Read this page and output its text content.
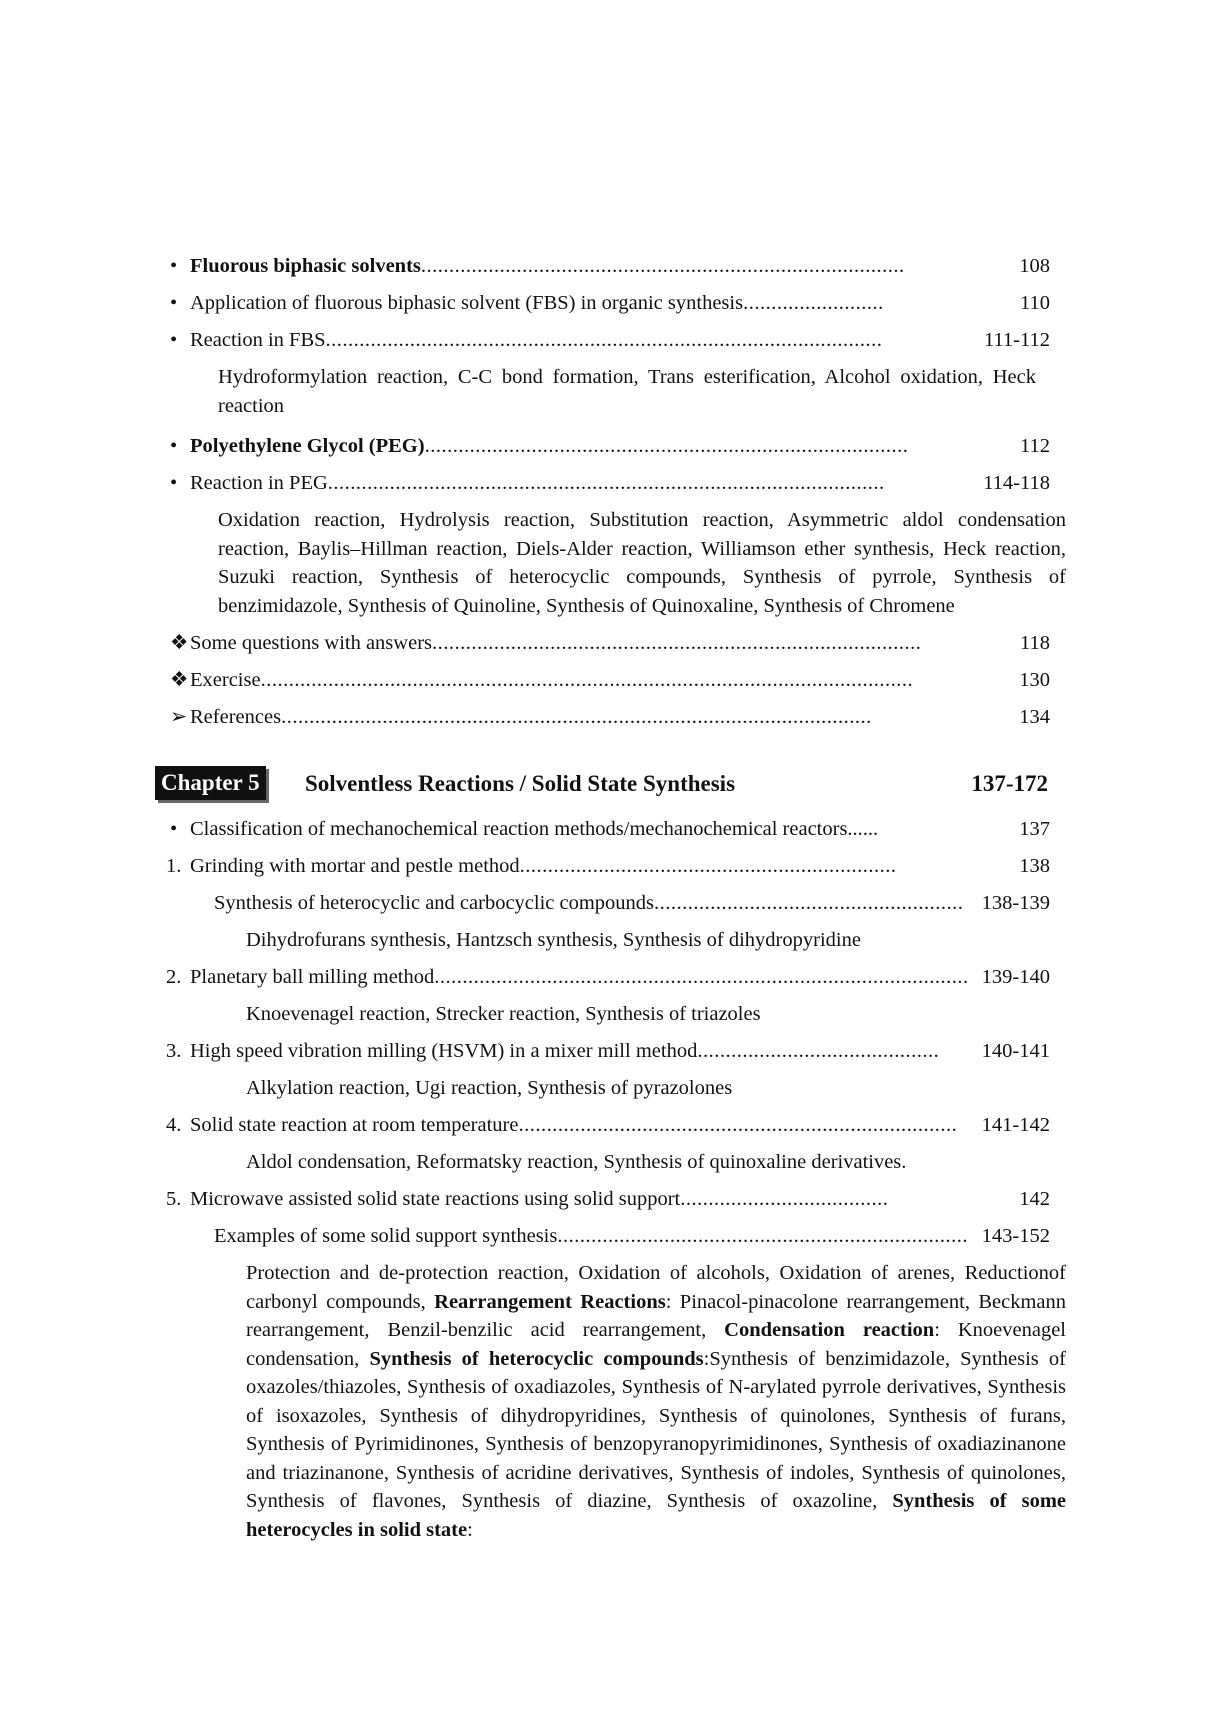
• Fluorous biphasic solvents ......................................................................................	108
• Application of fluorous biphasic solvent (FBS) in organic synthesis .........................	110
• Reaction in FBS ...................................................................................................	111-112
Hydroformylation reaction, C-C bond formation, Trans esterification, Alcohol oxidation, Heck reaction
• Polyethylene Glycol (PEG) ......................................................................................	112
• Reaction in PEG ...................................................................................................	114-118
Oxidation reaction, Hydrolysis reaction, Substitution reaction, Asymmetric aldol condensation reaction, Baylis–Hillman reaction, Diels-Alder reaction, Williamson ether synthesis, Heck reaction, Suzuki reaction, Synthesis of heterocyclic compounds, Synthesis of pyrrole, Synthesis of benzimidazole, Synthesis of Quinoline, Synthesis of Quinoxaline, Synthesis of Chromene
❖ Some questions with answers .......................................................................................	118
❖ Exercise ....................................................................................................................	130
➢ References .........................................................................................................	134
Chapter 5 Solventless Reactions / Solid State Synthesis	137-172
• Classification of mechanochemical reaction methods/mechanochemical reactors......	137
1. Grinding with mortar and pestle method ...................................................................	138
Synthesis of heterocyclic and carbocyclic compounds ....................................................... 138-139
Dihydrofurans synthesis, Hantzsch synthesis, Synthesis of dihydropyridine
2. Planetary ball milling method ............................................................................................... 139-140
Knoevenagel reaction, Strecker reaction, Synthesis of triazoles
3. High speed vibration milling (HSVM) in a mixer mill method ........................................... 140-141
Alkylation reaction, Ugi reaction, Synthesis of pyrazolones
4. Solid state reaction at room temperature .............................................................................. 141-142
Aldol condensation, Reformatsky reaction, Synthesis of quinoxaline derivatives.
5. Microwave assisted solid state reactions using solid support .....................................	142
Examples of some solid support synthesis ......................................................................... 143-152
Protection and de-protection reaction, Oxidation of alcohols, Oxidation of arenes, Reductionof carbonyl compounds, Rearrangement Reactions: Pinacol-pinacolone rearrangement, Beckmann rearrangement, Benzil-benzilic acid rearrangement, Condensation reaction: Knoevenagel condensation, Synthesis of heterocyclic compounds:Synthesis of benzimidazole, Synthesis of oxazoles/thiazoles, Synthesis of oxadiazoles, Synthesis of N-arylated pyrrole derivatives, Synthesis of isoxazoles, Synthesis of dihydropyridines, Synthesis of quinolones, Synthesis of furans, Synthesis of Pyrimidinones, Synthesis of benzopyranopyrimidinones, Synthesis of oxadiazinanone and triazinanone, Synthesis of acridine derivatives, Synthesis of indoles, Synthesis of quinolones, Synthesis of flavones, Synthesis of diazine, Synthesis of oxazoline, Synthesis of some heterocycles in solid state:
